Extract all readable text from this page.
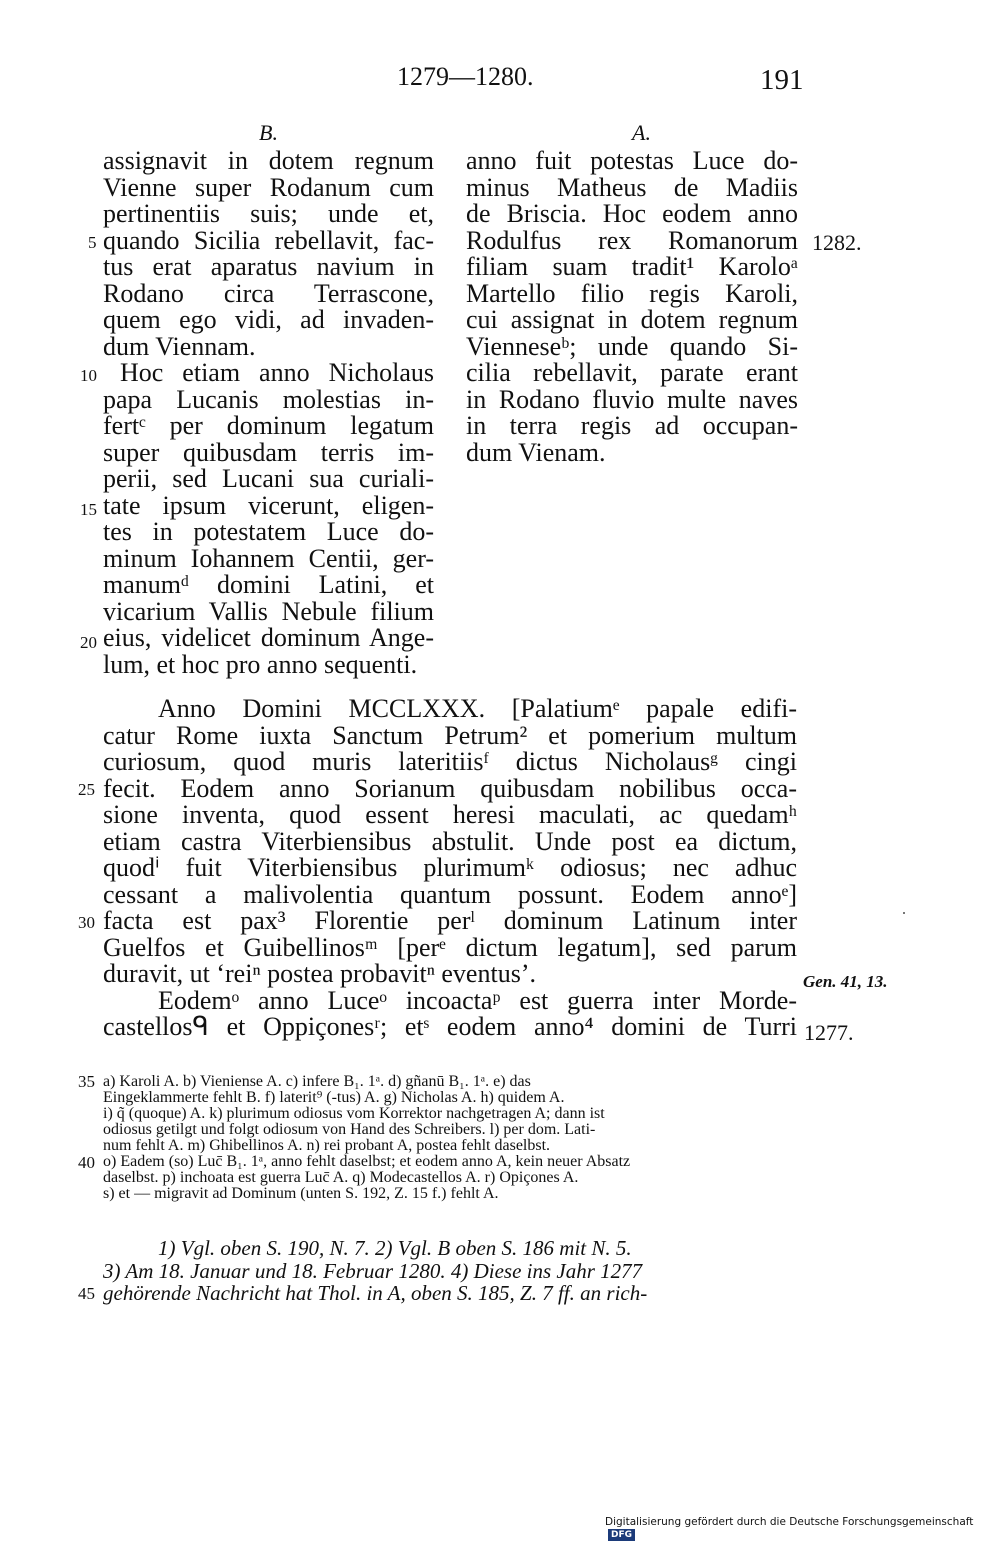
1279—1280.	191
B.	A.
assignavit in dotem regnum
Vienne super Rodanum cum
pertinentiis suis; unde et,
quando Sicilia rebellavit, fac-
tus erat aparatus navium in
Rodano circa Terrascone,
quem ego vidi, ad invaden-
dum Viennam.
Hoc etiam anno Nicholaus
papa Lucanis molestias in-
fertᶜ per dominum legatum
super quibusdam terris im-
perii, sed Lucani sua curiali-
tate ipsum vicerunt, eligen-
tes in potestatem Luce do-
minum Iohannem Centii, ger-
manumᵈ domini Latini, et
vicarium Vallis Nebule filium
eius, videlicet dominum Ange-
lum, et hoc pro anno sequenti.
anno fuit potestas Luce do-
minus Matheus de Madiis
de Briscia. Hoc eodem anno
Rodulfus rex Romanorum
filiam suam tradit¹ Karoloᵃ
Martello filio regis Karoli,
cui assignat in dotem regnum
Vienneseᵇ; unde quando Si-
cilia rebellavit, parate erant
in Rodano fluvio multe naves
in terra regis ad occupan-
dum Vienam.
Anno Domini MCCLXXX. [Palatiumᵉ papale edifi-
catur Rome iuxta Sanctum Petrum² et pomerium multum
curiosum, quod muris lateritiisᶠ dictus Nicholausᵍ cingi
fecit. Eodem anno Sorianum quibusdam nobilibus occa-
sione inventa, quod essent heresi maculati, ac quedamʰ
etiam castra Viterbiensibus abstulit. Unde post ea dictum,
quodⁱ fuit Viterbiensibus plurimumᵏ odiosus; nec adhuc
cessant a malivolentia quantum possunt. Eodem annoᵉ]
facta est pax³ Florentie perˡ dominum Latinum inter
Guelfos et Guibellinosᵐ [perᵉ dictum legatum], sed parum
duravit, ut ‘reiⁿ postea probavitⁿ eventus’.
Eodemᵒ anno Luceᵒ incoactaᵖ est guerra inter Morde-
castellosᑫ et Oppiçonesʳ; etˢ eodem anno⁴ domini de Turri
5
10
15
20
25
30
35
40
45
1282.
Gen. 41, 13.
1277.
a) Karoli A. b) Vieniense A. c) infere B₁. 1ᵃ. d) gñanū B₁. 1ᵃ. e) das
Eingeklammerte fehlt B. f) laterit⁹ (-tus) A. g) Nicholas A. h) quidem A.
i) q̃ (quoque) A. k) plurimum odiosus vom Korrektor nachgetragen A; dann ist
odiosus getilgt und folgt odiosum von Hand des Schreibers. l) per dom. Lati-
num fehlt A. m) Ghibellinos A. n) rei probant A, postea fehlt daselbst.
o) Eadem (so) Luc̄ B₁. 1ᵃ, anno fehlt daselbst; et eodem anno A, kein neuer Absatz
daselbst. p) inchoata est guerra Luc̄ A. q) Modecastellos A. r) Opiçones A.
s) et — migravit ad Dominum (unten S. 192, Z. 15 f.) fehlt A.
1) Vgl. oben S. 190, N. 7. 2) Vgl. B oben S. 186 mit N. 5.
3) Am 18. Januar und 18. Februar 1280. 4) Diese ins Jahr 1277
gehörende Nachricht hat Thol. in A, oben S. 185, Z. 7 ff. an rich-
Digitalisierung gefördert durch die Deutsche Forschungsgemeinschaft DFG
